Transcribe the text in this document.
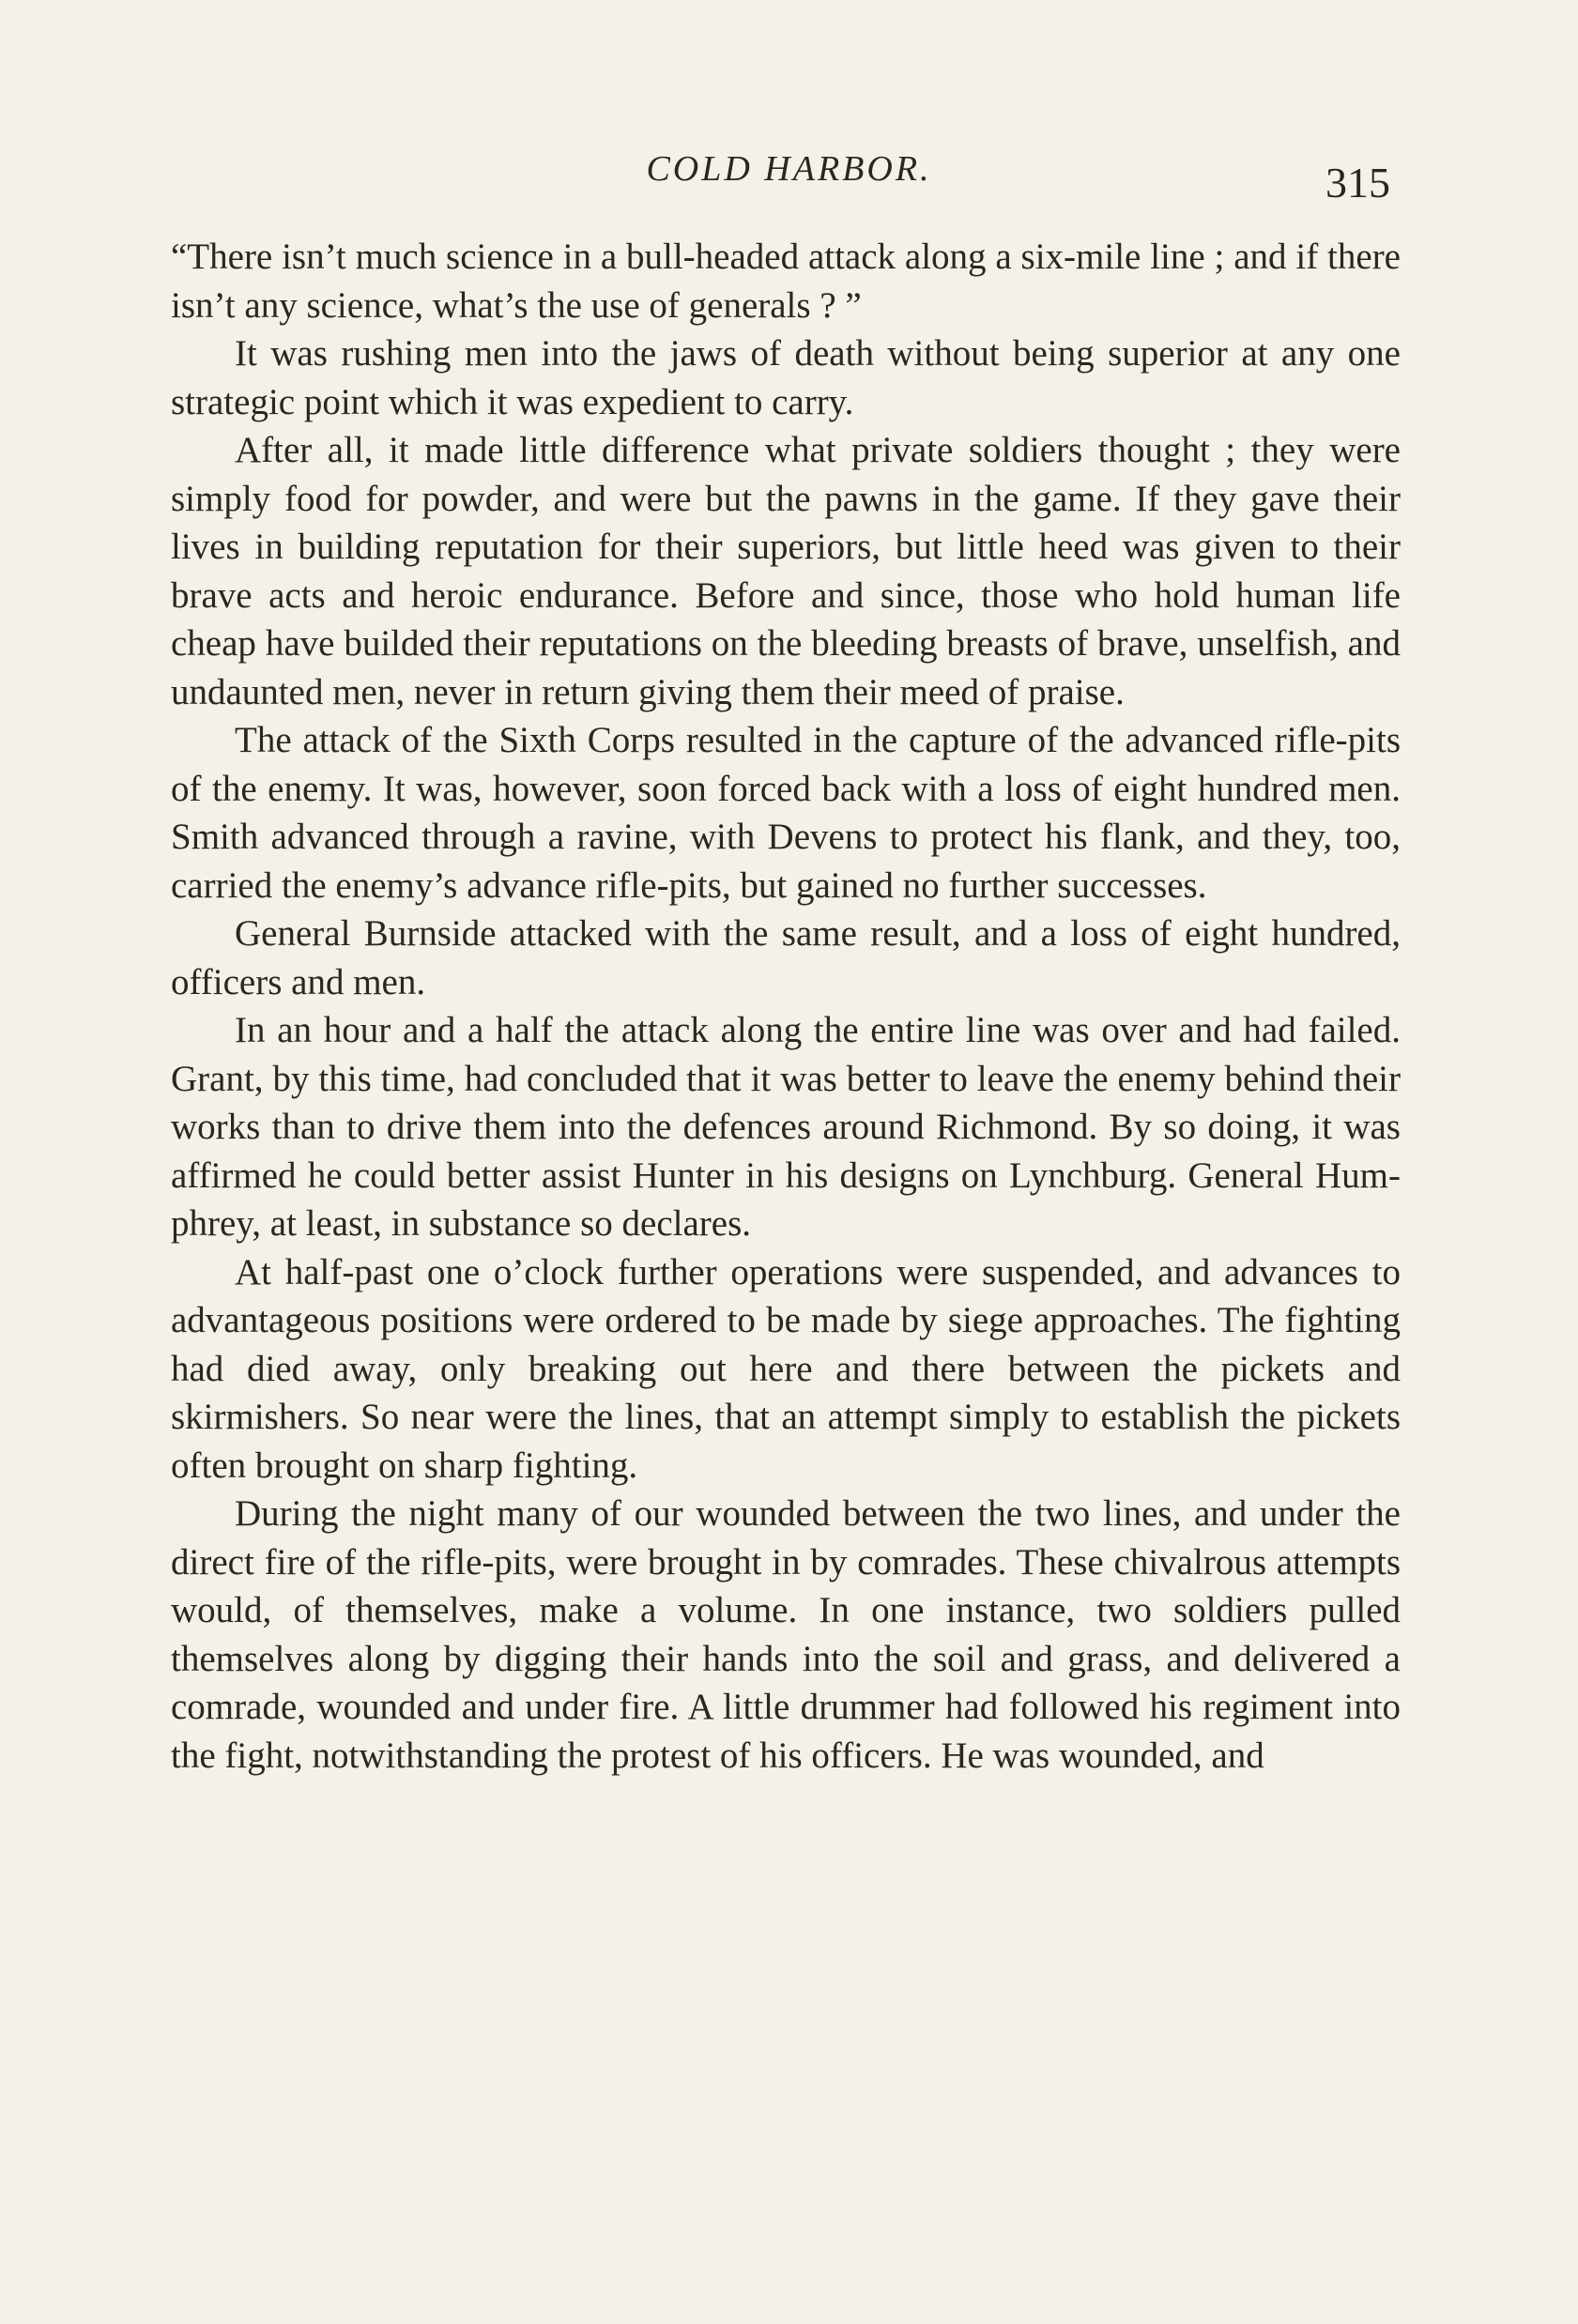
COLD HARBOR.	315

“There isn’t much science in a bull-headed attack along a six-mile line ; and if there isn’t any science, what’s the use of generals ? ”

It was rushing men into the jaws of death without being superior at any one strategic point which it was expedient to carry.

After all, it made little difference what private soldiers thought ; they were simply food for powder, and were but the pawns in the game. If they gave their lives in building reputation for their superiors, but little heed was given to their brave acts and heroic endurance. Before and since, those who hold human life cheap have builded their reputations on the bleeding breasts of brave, unselfish, and undaunted men, never in return giving them their meed of praise.

The attack of the Sixth Corps resulted in the capture of the advanced rifle-pits of the enemy. It was, however, soon forced back with a loss of eight hundred men. Smith advanced through a ravine, with Devens to protect his flank, and they, too, carried the enemy’s advance rifle-pits, but gained no further successes.

General Burnside attacked with the same result, and a loss of eight hundred, officers and men.

In an hour and a half the attack along the entire line was over and had failed. Grant, by this time, had concluded that it was better to leave the enemy behind their works than to drive them into the defences around Richmond. By so doing, it was affirmed he could better assist Hunter in his designs on Lynchburg. General Hum-phrey, at least, in substance so declares.

At half-past one o’clock further operations were suspended, and advances to advantageous positions were ordered to be made by siege approaches. The fighting had died away, only breaking out here and there between the pickets and skirmishers. So near were the lines, that an attempt simply to establish the pickets often brought on sharp fighting.

During the night many of our wounded between the two lines, and under the direct fire of the rifle-pits, were brought in by comrades. These chivalrous attempts would, of themselves, make a volume. In one instance, two soldiers pulled themselves along by digging their hands into the soil and grass, and delivered a comrade, wounded and under fire. A little drummer had followed his regiment into the fight, notwithstanding the protest of his officers. He was wounded, and
